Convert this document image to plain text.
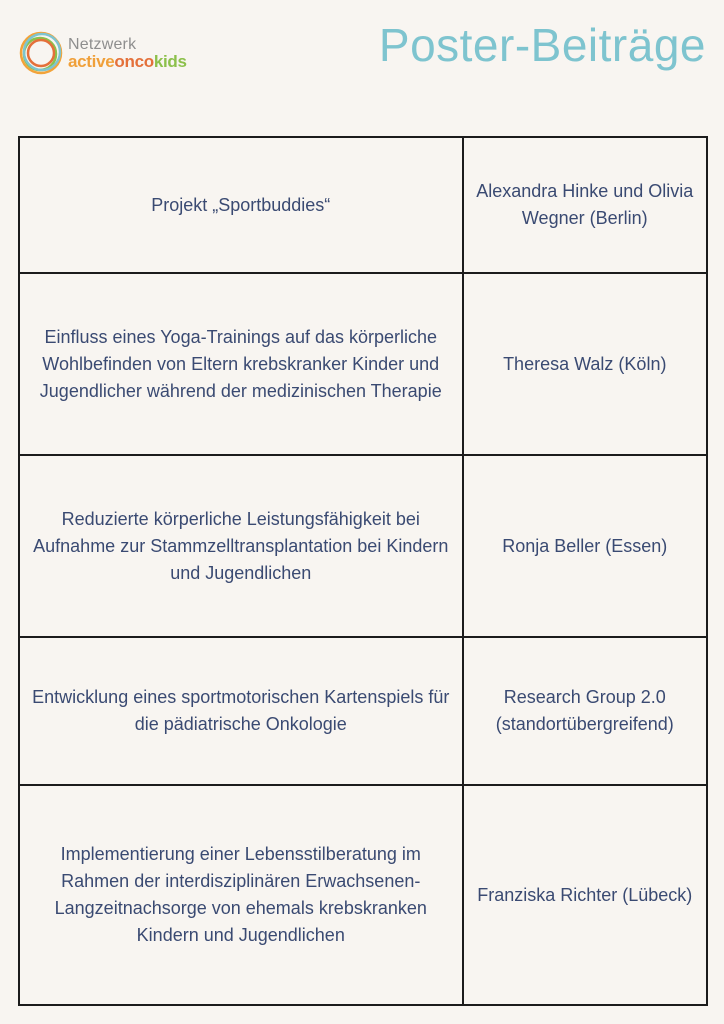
Netzwerk
activeoncokids	Poster-Beiträge
Projekt „Sportbuddies“	Alexandra Hinke und Olivia Wegner (Berlin)
Einfluss eines Yoga-Trainings auf das körperliche Wohlbefinden von Eltern krebskranker Kinder und Jugendlicher während der medizinischen Therapie	Theresa Walz (Köln)
Reduzierte körperliche Leistungsfähigkeit bei Aufnahme zur Stammzelltransplantation bei Kindern und Jugendlichen	Ronja Beller (Essen)
Entwicklung eines sportmotorischen Kartenspiels für die pädiatrische Onkologie	Research Group 2.0 (standortübergreifend)
Implementierung einer Lebensstilberatung im Rahmen der interdisziplinären Erwachsenen-Langzeitnachsorge von ehemals krebskranken Kindern und Jugendlichen	Franziska Richter (Lübeck)
